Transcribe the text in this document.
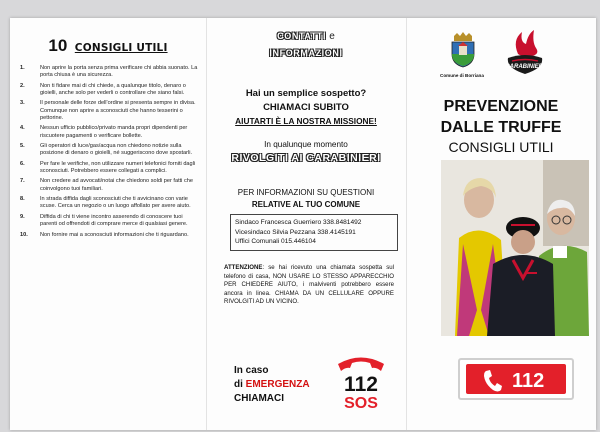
10 CONSIGLI UTILI
1.	Non aprire la porta senza prima verificare chi abbia suonato. La porta chiusa è una sicurezza.
2.	Non ti fidare mai di chi chiede, a qualunque titolo, denaro o gioielli, anche solo per vederli o controllare che siano falsi.
3.	Il personale delle forze dell'ordine si presenta sempre in divisa. Comunque non aprire a sconosciuti che hanno tesserini o pettorine.
4.	Nessun ufficio pubblico/privato manda propri dipendenti per riscuotere pagamenti o verificare bollette.
5.	Gli operatori di luce/gas/acqua non chiedono notizie sulla posizione di denaro o gioielli, né suggeriscono dove spostarli.
6.	Per fare le verifiche, non utilizzare numeri telefonici forniti dagli sconosciuti. Potrebbero essere collegati a complici.
7.	Non credere ad avvocati/notai che chiedono soldi per fatti che coinvolgono tuoi familiari.
8.	In strada diffida dagli sconosciuti che ti avvicinano con varie scuse. Cerca un negozio o un luogo affollato per avere aiuto.
9.	Diffida di chi ti viene incontro asserendo di conoscere tuoi parenti od offrendoti di comprare merce di qualsiasi genere.
10. Non fornire mai a sconosciuti informazioni che ti riguardano.
CONTATTI e
INFORMAZIONI
Hai un semplice sospetto?
CHIAMACI SUBITO
AIUTARTI È LA NOSTRA MISSIONE!
In qualunque momento
RIVOLGITI AI CARABINIERI
PER INFORMAZIONI SU QUESTIONI
RELATIVE AL TUO COMUNE
Sindaco Francesca Guerriero 338.8481492
Vicesindaco Silvia Pezzana 338.4145191
Uffici Comunali 015.446104
ATTENZIONE: se hai ricevuto una chiamata sospetta sul telefono di casa, NON USARE LO STESSO APPARECCHIO PER CHIEDERE AIUTO, i malviventi potrebbero essere ancora in linea. CHIAMA DA UN CELLULARE OPPURE RIVOLGITI AD UN VICINO.
In caso
di EMERGENZA
CHIAMACI
112
SOS
Comune di Borriana
CARABINIERI
PREVENZIONE
DALLE TRUFFE
CONSIGLI UTILI
112
